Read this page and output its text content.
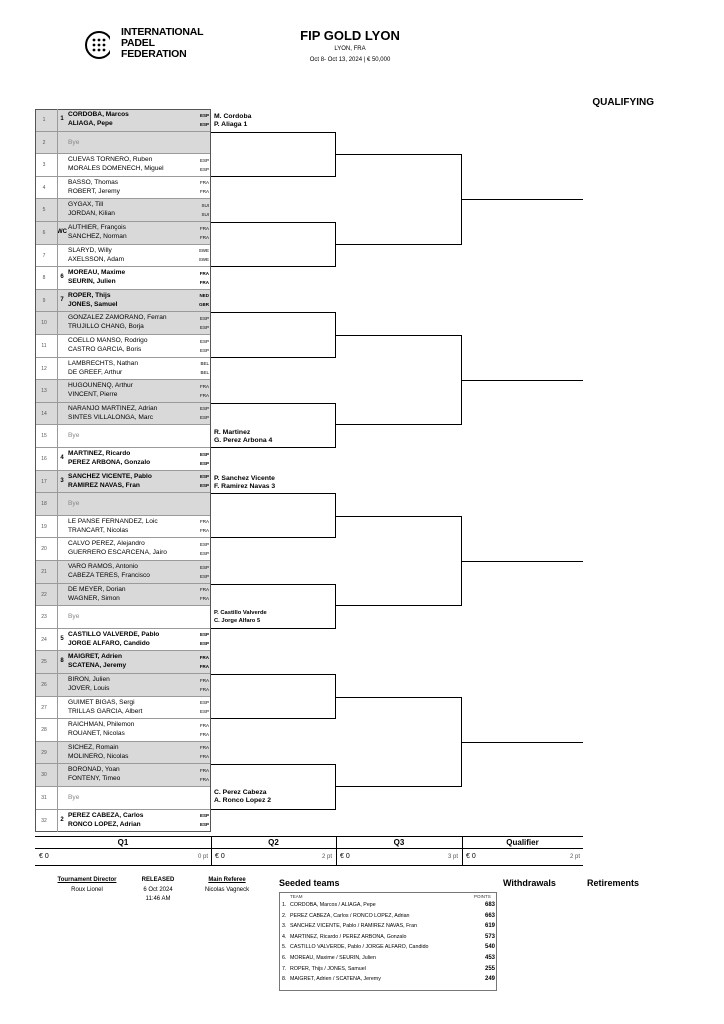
INTERNATIONAL
PADEL
FEDERATION
FIP GOLD LYON
LYON, FRA
Oct 8- Oct 13, 2024 | € 50,000
QUALIFYING
1	1
CORDOBA, Marcos	ESP
ALIAGA, Pepe	ESP
2	Bye
3
CUEVAS TORNERO, Ruben	ESP
MORALES DOMENECH, Miguel	ESP
4
BASSO, Thomas	FRA
ROBERT, Jeremy	FRA
5
GYGAX, Till	SUI
JORDAN, Kilian	SUI
6	WC
AUTHIER, François	FRA
SANCHEZ, Norman	FRA
7
SLARYD, Willy	SWE
AXELSSON, Adam	SWE
8	6
MOREAU, Maxime	FRA
SEURIN, Julien	FRA
9	7
ROPER, Thijs	NED
JONES, Samuel	GBR
10
GONZALEZ ZAMORANO, Ferran	ESP
TRUJILLO CHANG, Borja	ESP
11
COELLO MANSO, Rodrigo	ESP
CASTRO GARCIA, Boris	ESP
12
LAMBRECHTS, Nathan	BEL
DE GREEF, Arthur	BEL
13
HUGOUNENQ, Arthur	FRA
VINCENT, Pierre	FRA
14
NARANJO MARTINEZ, Adrian	ESP
SINTES VILLALONGA, Marc	ESP
15	Bye
16	4
MARTINEZ, Ricardo	ESP
PEREZ ARBONA, Gonzalo	ESP
17	3
SANCHEZ VICENTE, Pablo	ESP
RAMIREZ NAVAS, Fran	ESP
18	Bye
19
LE PANSE FERNANDEZ, Loic	FRA
TRANCART, Nicolas	FRA
20
CALVO PEREZ, Alejandro	ESP
GUERRERO ESCARCENA, Jairo	ESP
21
VARO RAMOS, Antonio	ESP
CABEZA TERES, Francisco	ESP
22
DE MEYER, Dorian	FRA
WAGNER, Simon	FRA
23	Bye
24	5
CASTILLO VALVERDE, Pablo	ESP
JORGE ALFARO, Candido	ESP
25	8
MAIGRET, Adrien	FRA
SCATENA, Jeremy	FRA
26
BIRON, Julien	FRA
JOVER, Louis	FRA
27
GUIMET BIGAS, Sergi	ESP
TRILLAS GARCIA, Albert	ESP
28
RAICHMAN, Philemon	FRA
ROUANET, Nicolas	FRA
29
SICHEZ, Romain	FRA
MOLINERO, Nicolas	FRA
30
BORONAD, Yoan	FRA
FONTENY, Timeo	FRA
31	Bye
32	2
PEREZ CABEZA, Carlos	ESP
RONCO LOPEZ, Adrian	ESP
M. Cordoba
P. Aliaga 1
R. Martinez
G. Perez Arbona 4
P. Sanchez Vicente
F. Ramirez Navas 3
P. Castillo Valverde
C. Jorge Alfaro 5
C. Perez Cabeza
A. Ronco Lopez 2
Q1	Q2	Q3	Qualifier
€ 0	0 pt € 0	2 pt € 0	3 pt € 0	2 pt
Tournament Director
Roux Lionel
RELEASED
6 Oct 2024
11:46 AM
Main Referee
Nicolas Vagneck
Seeded teams
TEAM	POINTS
1. CORDOBA, Marcos / ALIAGA, Pepe	683
2. PEREZ CABEZA, Carlos / RONCO LOPEZ, Adrian	663
3. SANCHEZ VICENTE, Pablo / RAMIREZ NAVAS, Fran	619
4. MARTINEZ, Ricardo / PEREZ ARBONA, Gonzalo	573
5. CASTILLO VALVERDE, Pablo / JORGE ALFARO, Candido	540
6. MOREAU, Maxime / SEURIN, Julien	453
7. ROPER, Thijs / JONES, Samuel	255
8. MAIGRET, Adrien / SCATENA, Jeremy	249
Withdrawals	Retirements
